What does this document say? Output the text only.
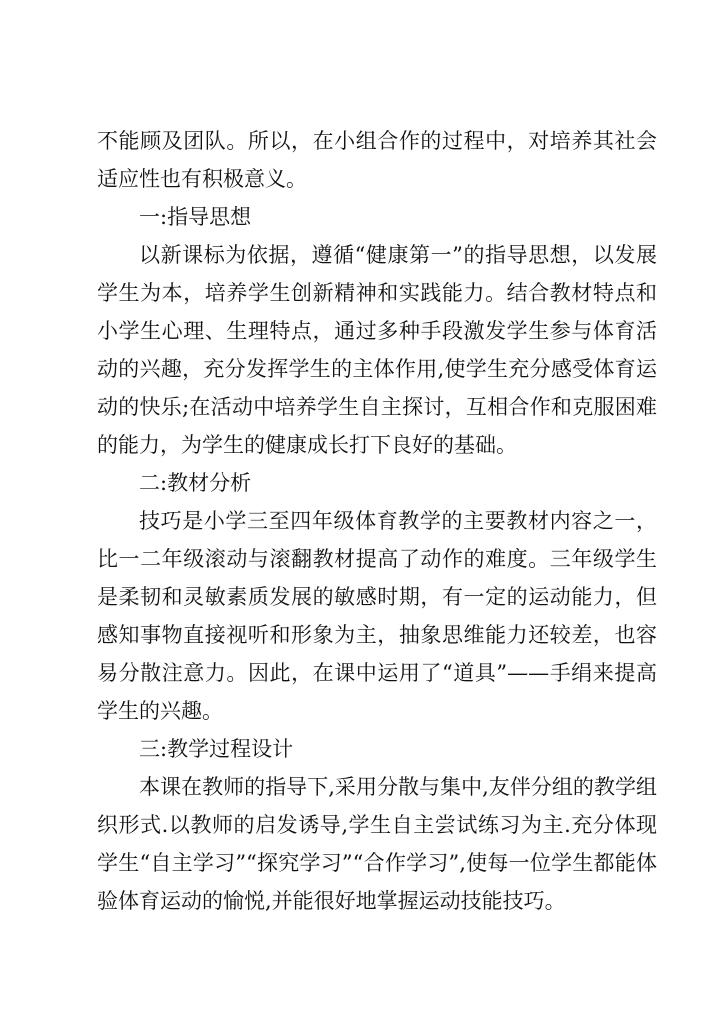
不能顾及团队。所以，在小组合作的过程中，对培养其社会适应性也有积极意义。

一:指导思想

以新课标为依据，遵循“健康第一”的指导思想，以发展学生为本，培养学生创新精神和实践能力。结合教材特点和小学生心理、生理特点，通过多种手段激发学生参与体育活动的兴趣，充分发挥学生的主体作用,使学生充分感受体育运动的快乐;在活动中培养学生自主探讨，互相合作和克服困难的能力，为学生的健康成长打下良好的基础。

二:教材分析

技巧是小学三至四年级体育教学的主要教材内容之一，比一二年级滚动与滚翻教材提高了动作的难度。三年级学生是柔韧和灵敏素质发展的敏感时期，有一定的运动能力，但感知事物直接视听和形象为主，抽象思维能力还较差，也容易分散注意力。因此，在课中运用了“道具”——手绢来提高学生的兴趣。

三:教学过程设计

本课在教师的指导下,采用分散与集中,友伴分组的教学组织形式.以教师的启发诱导,学生自主尝试练习为主.充分体现学生“自主学习”“探究学习”“合作学习”,使每一位学生都能体验体育运动的愉悦,并能很好地掌握运动技能技巧。
